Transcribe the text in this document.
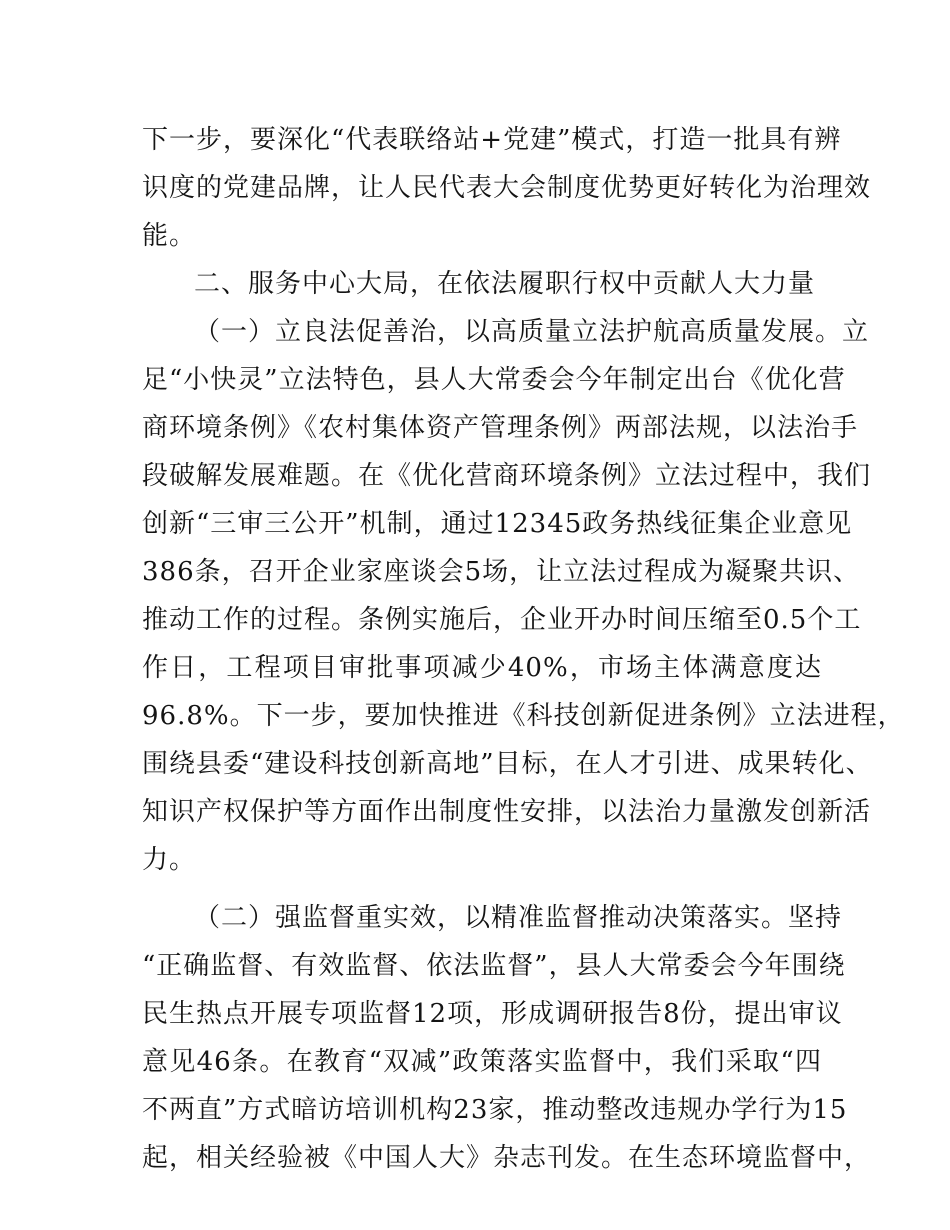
下一步，要深化“代表联络站+党建”模式，打造一批具有辨
识度的党建品牌，让人民代表大会制度优势更好转化为治理效
能。
二、服务中心大局，在依法履职行权中贡献人大力量
（一）立良法促善治，以高质量立法护航高质量发展。立
足“小快灵”立法特色，县人大常委会今年制定出台《优化营
商环境条例》《农村集体资产管理条例》两部法规，以法治手
段破解发展难题。在《优化营商环境条例》立法过程中，我们
创新“三审三公开”机制，通过12345政务热线征集企业意见
386条，召开企业家座谈会5场，让立法过程成为凝聚共识、
推动工作的过程。条例实施后，企业开办时间压缩至0.5个工
作日，工程项目审批事项减少40%，市场主体满意度达
96.8%。下一步，要加快推进《科技创新促进条例》立法进程，
围绕县委“建设科技创新高地”目标，在人才引进、成果转化、
知识产权保护等方面作出制度性安排，以法治力量激发创新活
力。
（二）强监督重实效，以精准监督推动决策落实。坚持
“正确监督、有效监督、依法监督”，县人大常委会今年围绕
民生热点开展专项监督12项，形成调研报告8份，提出审议
意见46条。在教育“双减”政策落实监督中，我们采取“四
不两直”方式暗访培训机构23家，推动整改违规办学行为15
起，相关经验被《中国人大》杂志刊发。在生态环境监督中，
